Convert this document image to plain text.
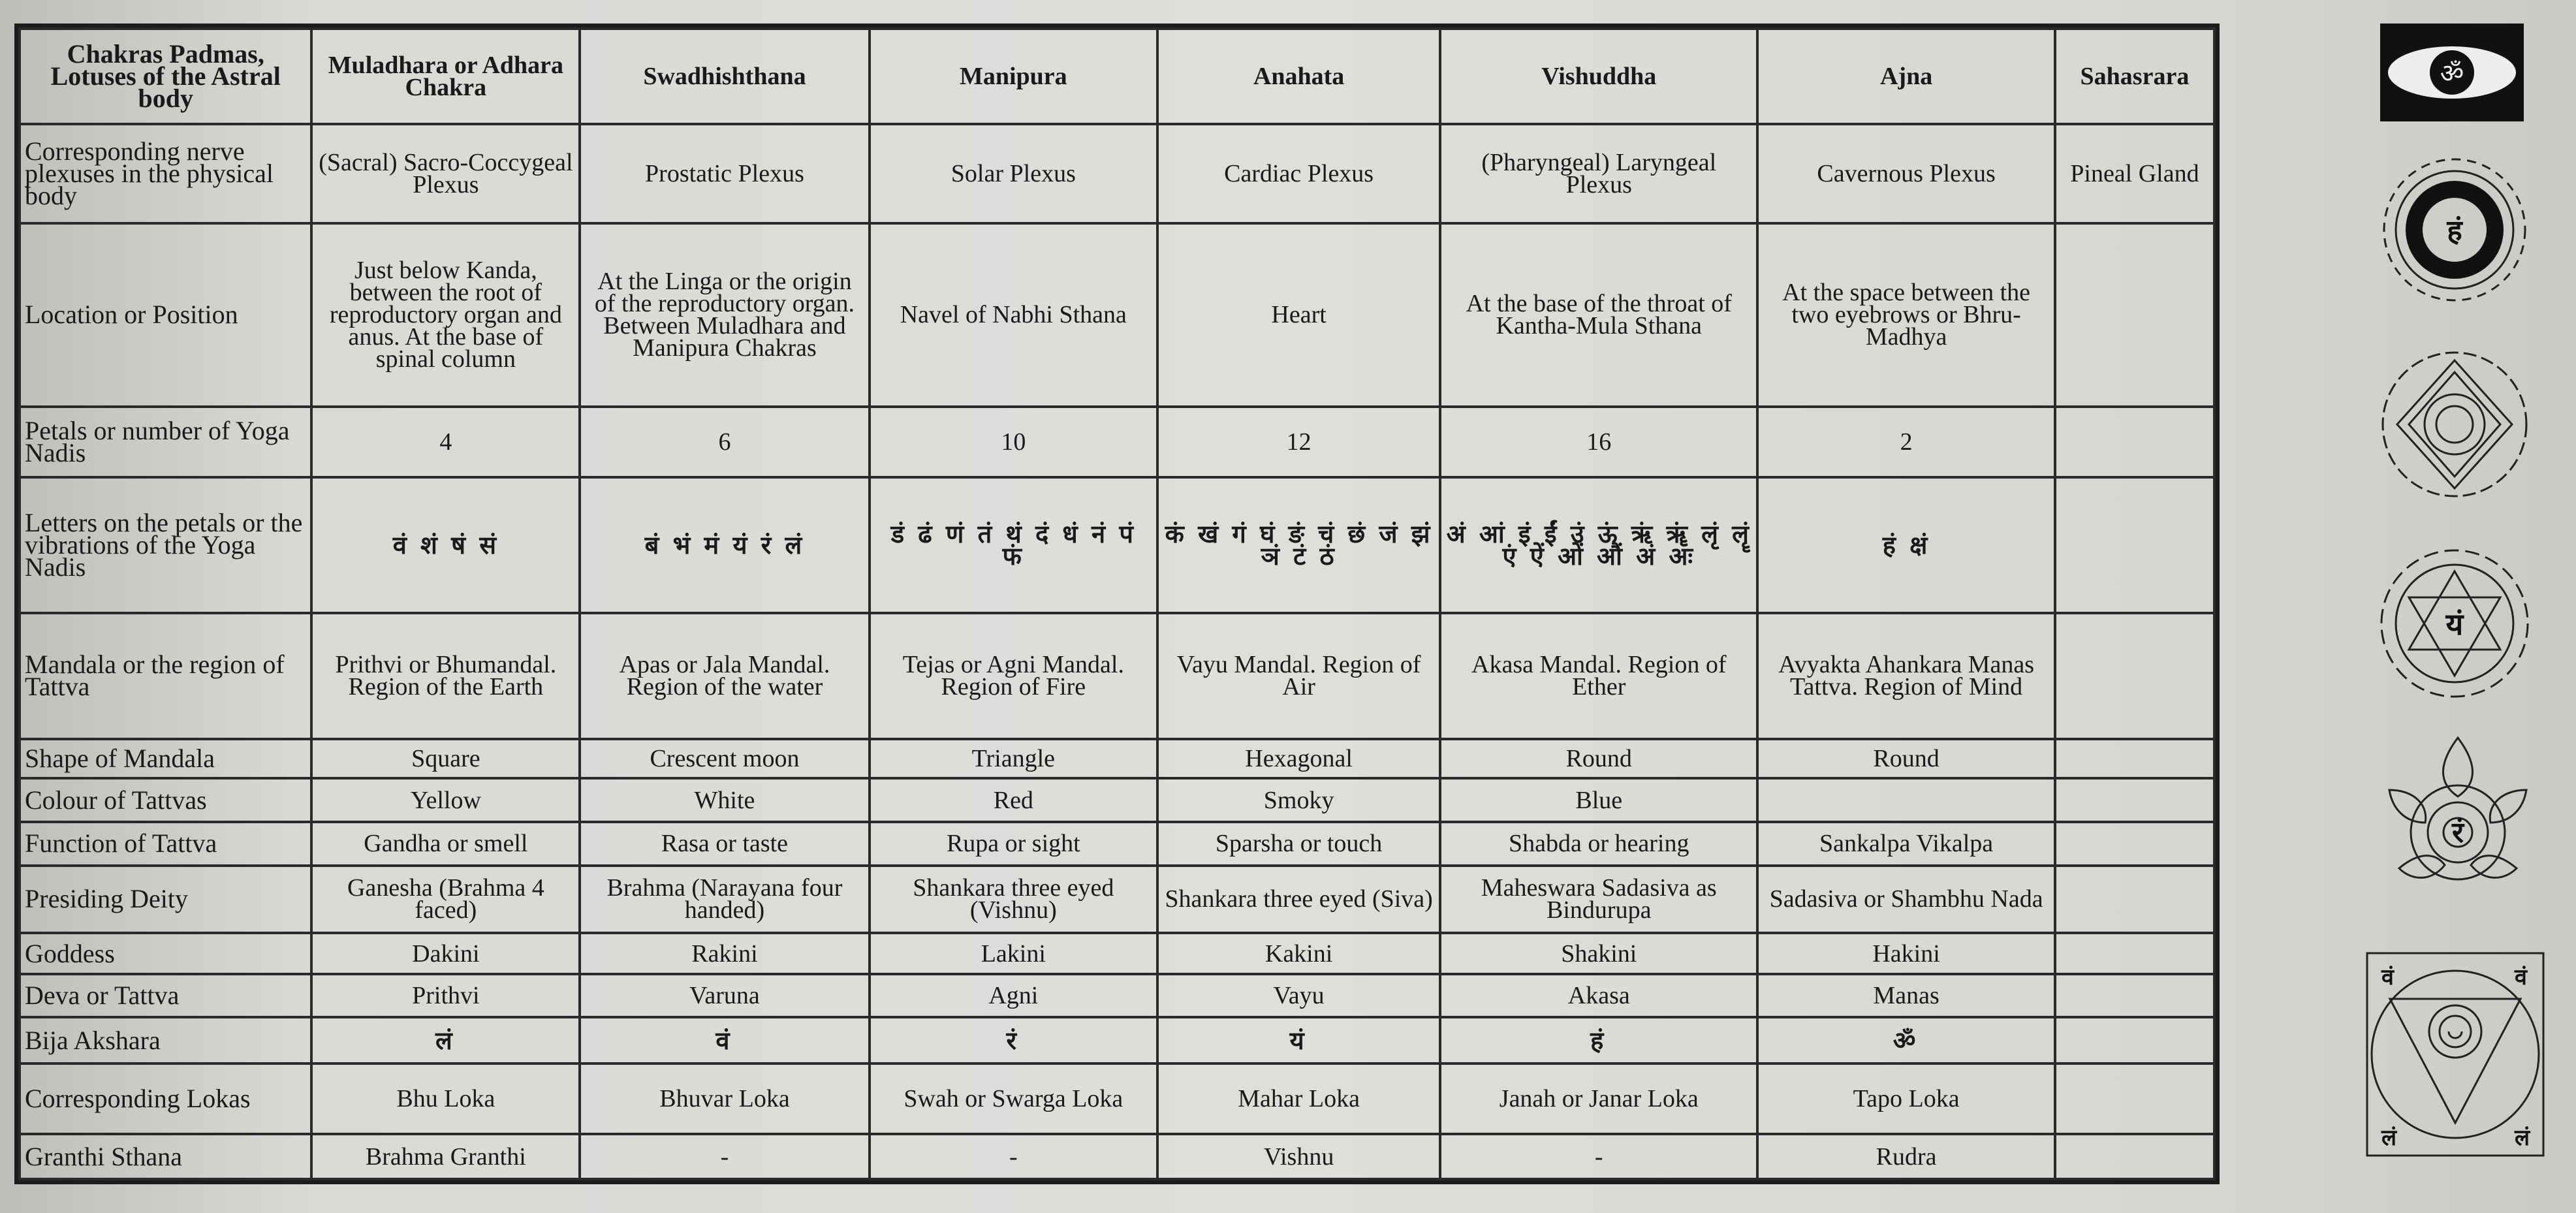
Chakras Padmas, Lotuses of the Astral body	Muladhara or Adhara Chakra	Swadhishthana	Manipura	Anahata	Vishuddha	Ajna	Sahasrara
Corresponding nerve plexuses in the physical body	(Sacral) Sacro-Coccygeal Plexus	Prostatic Plexus	Solar Plexus	Cardiac Plexus	(Pharyngeal) Laryngeal Plexus	Cavernous Plexus	Pineal Gland
Location or Position	Just below Kanda, between the root of reproductory organ and anus. At the base of spinal column	At the Linga or the origin of the reproductory organ. Between Muladhara and Manipura Chakras	Navel of Nabhi Sthana	Heart	At the base of the throat of Kantha-Mula Sthana	At the space between the two eyebrows or Bhru-Madhya	
Petals or number of Yoga Nadis	4	6	10	12	16	2	
Letters on the petals or the vibrations of the Yoga Nadis	वं शं षं सं	बं भं मं यं रं लं	डं ढं णं तं थं दं धं नं पं फं	कं खं गं घं ङं चं छं जं झं ञं टं ठं	अं आं इं ईं उं ऊं ऋं ॠं लृं लॄं एं ऐं ओं औं अं अः	हं क्षं	
Mandala or the region of Tattva	Prithvi or Bhumandal. Region of the Earth	Apas or Jala Mandal. Region of the water	Tejas or Agni Mandal. Region of Fire	Vayu Mandal. Region of Air	Akasa Mandal. Region of Ether	Avyakta Ahankara Manas Tattva. Region of Mind	
Shape of Mandala	Square	Crescent moon	Triangle	Hexagonal	Round	Round	
Colour of Tattvas	Yellow	White	Red	Smoky	Blue		
Function of Tattva	Gandha or smell	Rasa or taste	Rupa or sight	Sparsha or touch	Shabda or hearing	Sankalpa Vikalpa	
Presiding Deity	Ganesha (Brahma 4 faced)	Brahma (Narayana four handed)	Shankara three eyed (Vishnu)	Shankara three eyed (Siva)	Maheswara Sadasiva as Bindurupa	Sadasiva or Shambhu Nada	
Goddess	Dakini	Rakini	Lakini	Kakini	Shakini	Hakini	
Deva or Tattva	Prithvi	Varuna	Agni	Vayu	Akasa	Manas	
Bija Akshara	लं	वं	रं	यं	हं	ॐ	
Corresponding Lokas	Bhu Loka	Bhuvar Loka	Swah or Swarga Loka	Mahar Loka	Janah or Janar Loka	Tapo Loka	
Granthi Sthana	Brahma Granthi	-	-	Vishnu	-	Rudra	
ॐ
हं
यं
रं
वं	वं
लं	लं
